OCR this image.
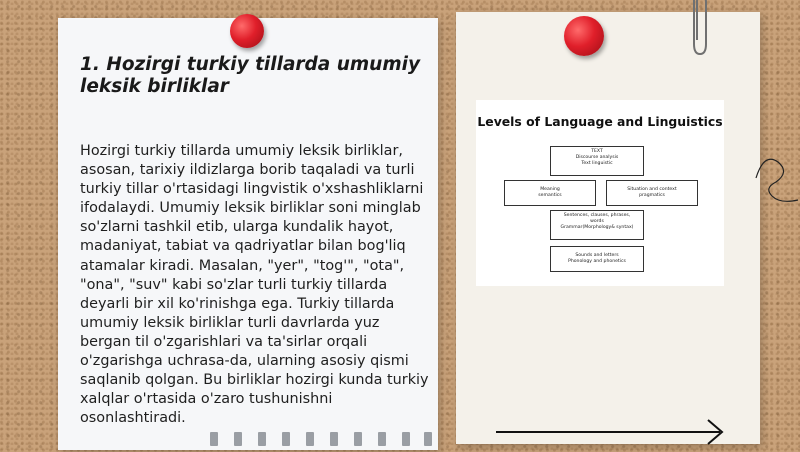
1. Hozirgi turkiy tillarda umumiy leksik birliklar

Hozirgi turkiy tillarda umumiy leksik birliklar, asosan, tarixiy ildizlarga borib taqaladi va turli turkiy tillar o'rtasidagi lingvistik o'xshashliklarni ifodalaydi. Umumiy leksik birliklar soni minglab so'zlarni tashkil etib, ularga kundalik hayot, madaniyat, tabiat va qadriyatlar bilan bog'liq atamalar kiradi. Masalan, "yer", "tog'", "ota", "ona", "suv" kabi so'zlar turli turkiy tillarda deyarli bir xil ko'rinishga ega. Turkiy tillarda umumiy leksik birliklar turli davrlarda yuz bergan til o'zgarishlari va ta'sirlar orqali o'zgarishga uchrasa-da, ularning asosiy qismi saqlanib qolgan. Bu birliklar hozirgi kunda turkiy xalqlar o'rtasida o'zaro tushunishni osonlashtiradi.

Levels of Language and Linguistics
TEXT
Discourse analysis
Text linguistic
Meaning
semantics
Situation and context
pragmatics
Sentences, clauses, phrases,
words
Grammar(Morphology& syntax)
Sounds and letters
Phonology and phonetics
